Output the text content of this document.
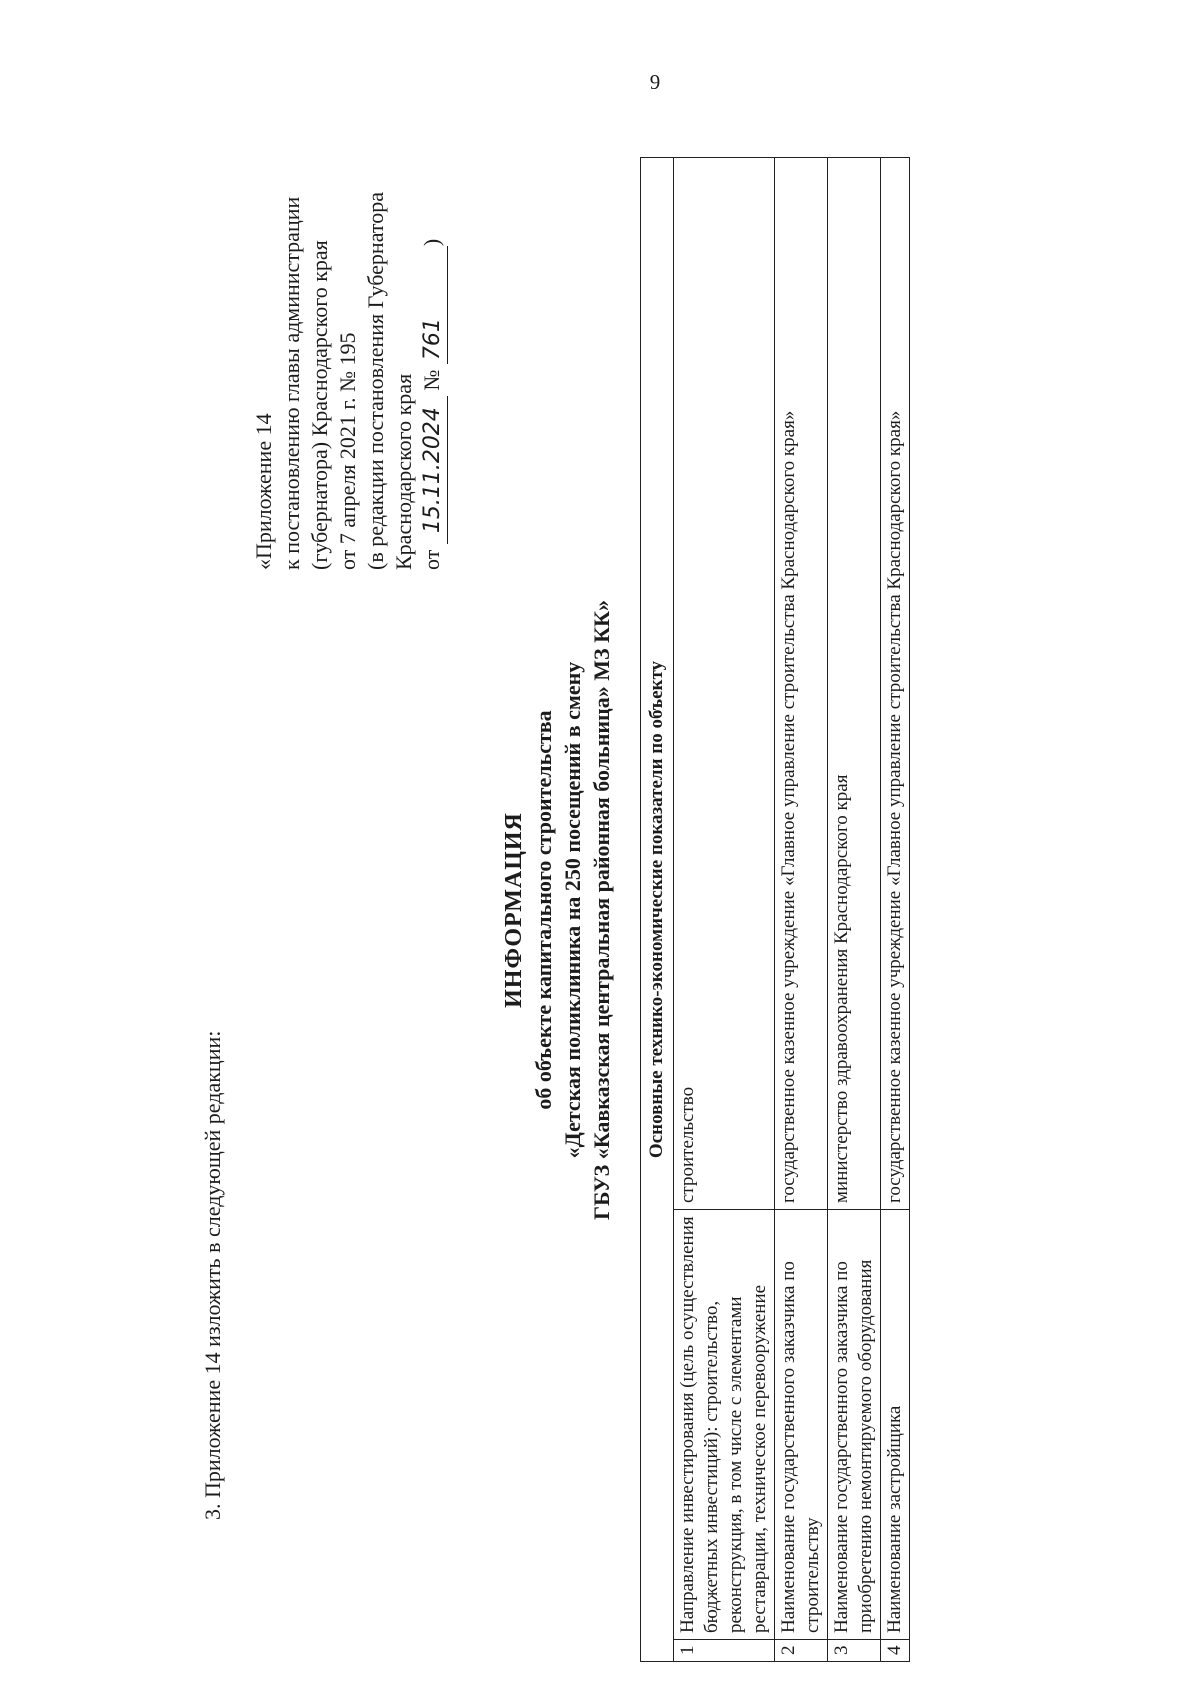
9
3. Приложение 14 изложить в следующей редакции:
«Приложение 14 к постановлению главы администрации (губернатора) Краснодарского края от 7 апреля 2021 г. № 195 (в редакции постановления Губернатора Краснодарского края от 15.11.2024 № 761)
ИНФОРМАЦИЯ об объекте капитального строительства «Детская поликлиника на 250 посещений в смену ГБУЗ «Кавказская центральная районная больница» МЗ КК» Основные технико-экономические показатели по объекту		
1	Направление инвестирования (цель осуществления бюджетных инвестиций): строительство, реконструкция, в том числе с элементами реставрации, техническое перевооружение	строительство
2	Наименование государственного заказчика по строительству	государственное казенное учреждение «Главное управление строительства Краснодарского края»
3	Наименование государственного заказчика по приобретению немонтируемого оборудования	министерство здравоохранения Краснодарского края
4	Наименование застройщика	государственное казенное учреждение «Главное управление строительства Краснодарского края»
